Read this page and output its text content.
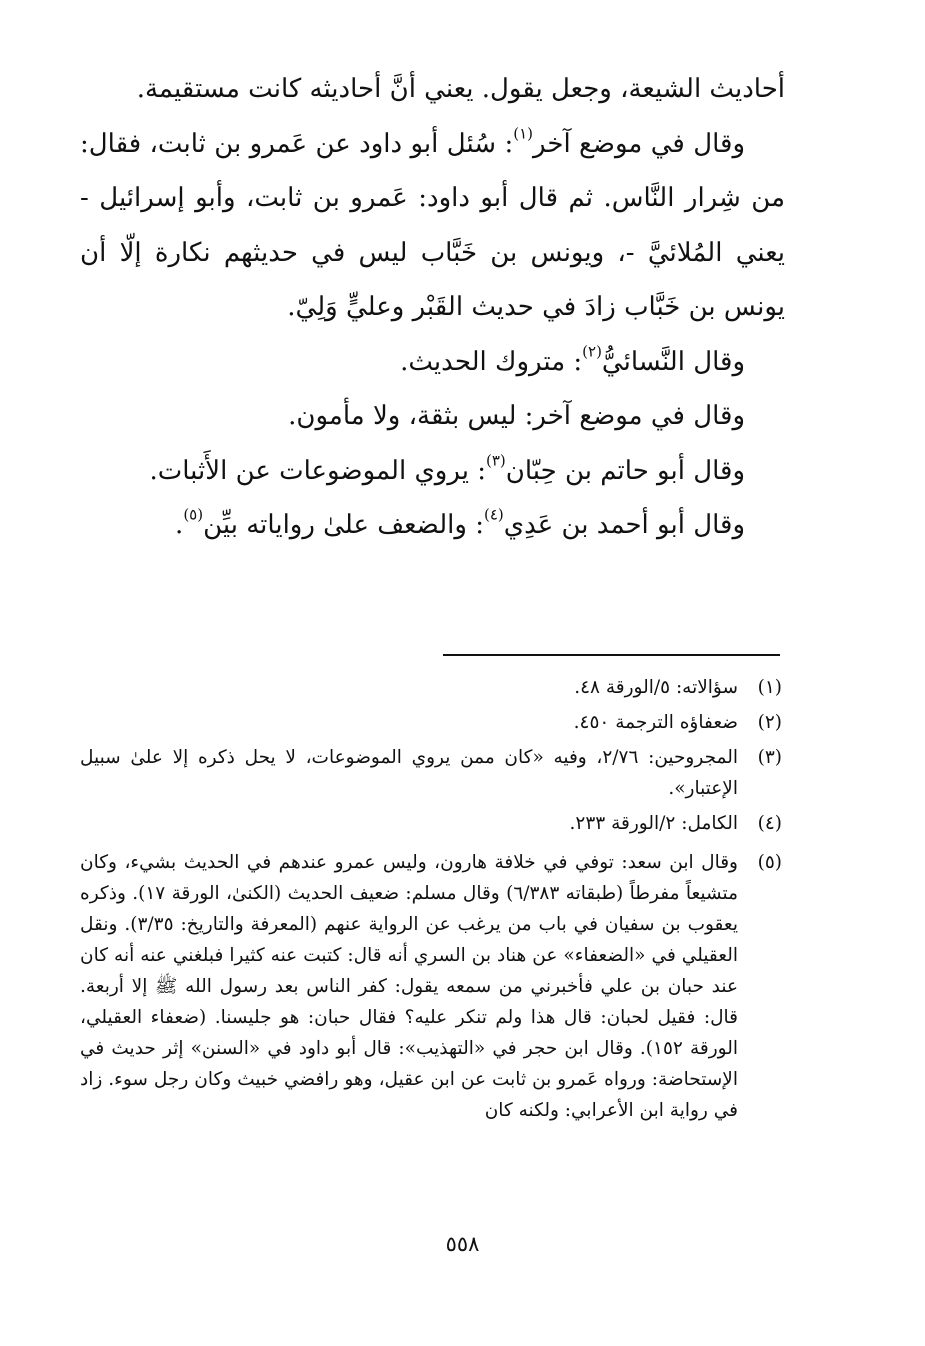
أحاديث الشيعة، وجعل يقول. يعني أنَّ أحاديثه كانت مستقيمة.

وقال في موضع آخر$^{(١)}$: سُئل أبو داود عن عَمرو بن ثابت، فقال: من شِرار النَّاس. ثم قال أبو داود: عَمرو بن ثابت، وأبو إسرائيل - يعني المُلائيَّ -، ويونس بن خَبَّاب ليس في حديثهم نكارة إلّا أن يونس بن خَبَّاب زادَ في حديث القَبْر وعليٍّ وَلِيّ.

وقال النَّسائيُّ$^{(٢)}$: متروك الحديث.

وقال في موضع آخر: ليس بثقة، ولا مأمون.

وقال أبو حاتم بن حِبّان$^{(٣)}$: يروي الموضوعات عن الأَثبات.

وقال أبو أحمد بن عَدِي$^{(٤)}$: والضعف علىٰ رواياته بيِّن$^{(٥)}$.

(١)
سؤالاته: ٥/الورقة ٤٨.
(٢)
ضعفاؤه الترجمة ٤٥٠.
(٣)
المجروحين: ٢/٧٦، وفيه «كان ممن يروي الموضوعات، لا يحل ذكره إلا علىٰ سبيل الإعتبار».
(٤)
الكامل: ٢/الورقة ٢٣٣.
(٥)
وقال ابن سعد: توفي في خلافة هارون، وليس عمرو عندهم في الحديث بشيء، وكان متشيعاً مفرطاً (طبقاته ٦/٣٨٣) وقال مسلم: ضعيف الحديث (الكنىٰ، الورقة ١٧). وذكره يعقوب بن سفيان في باب من يرغب عن الرواية عنهم (المعرفة والتاريخ: ٣/٣٥). ونقل العقيلي في «الضعفاء» عن هناد بن السري أنه قال: كتبت عنه كثيرا فبلغني عنه أنه كان عند حبان بن علي فأخبرني من سمعه يقول: كفر الناس بعد رسول الله ﷺ إلا أربعة. قال: فقيل لحبان: قال هذا ولم تنكر عليه؟ فقال حبان: هو جليسنا. (ضعفاء العقيلي، الورقة ١٥٢). وقال ابن حجر في «التهذيب»: قال أبو داود في «السنن» إثر حديث في الإستحاضة: ورواه عَمرو بن ثابت عن ابن عقيل، وهو رافضي خبيث وكان رجل سوء. زاد في رواية ابن الأعرابي: ولكنه كان
٥٥٨
